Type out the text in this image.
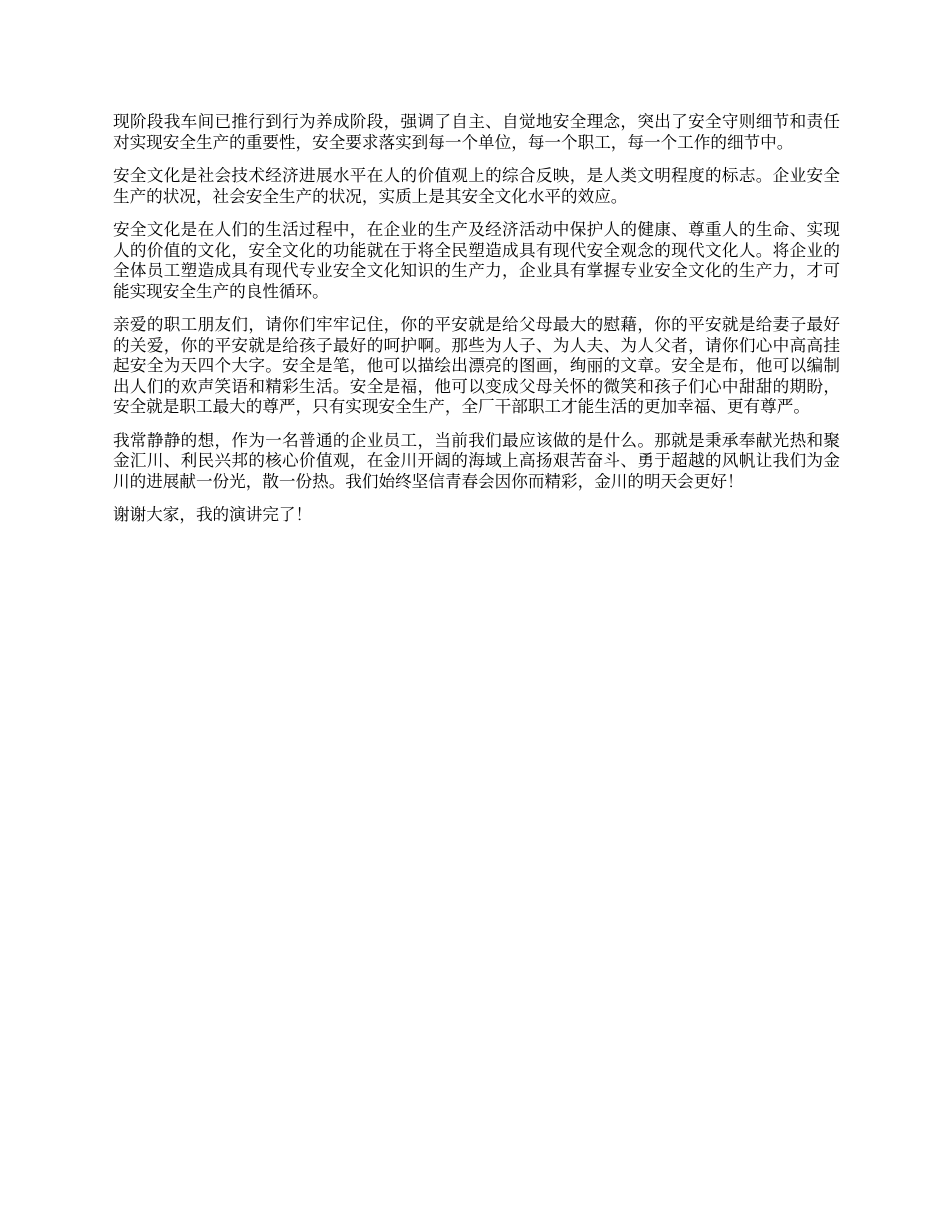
现阶段我车间已推行到行为养成阶段，强调了自主、自觉地安全理念，突出了安全守则细节和责任对实现安全生产的重要性，安全要求落实到每一个单位，每一个职工，每一个工作的细节中。

安全文化是社会技术经济进展水平在人的价值观上的综合反映，是人类文明程度的标志。企业安全生产的状况，社会安全生产的状况，实质上是其安全文化水平的效应。

安全文化是在人们的生活过程中，在企业的生产及经济活动中保护人的健康、尊重人的生命、实现人的价值的文化，安全文化的功能就在于将全民塑造成具有现代安全观念的现代文化人。将企业的全体员工塑造成具有现代专业安全文化知识的生产力，企业具有掌握专业安全文化的生产力，才可能实现安全生产的良性循环。

亲爱的职工朋友们，请你们牢牢记住，你的平安就是给父母最大的慰藉，你的平安就是给妻子最好的关爱，你的平安就是给孩子最好的呵护啊。那些为人子、为人夫、为人父者，请你们心中高高挂起安全为天四个大字。安全是笔，他可以描绘出漂亮的图画，绚丽的文章。安全是布，他可以编制出人们的欢声笑语和精彩生活。安全是福，他可以变成父母关怀的微笑和孩子们心中甜甜的期盼，安全就是职工最大的尊严，只有实现安全生产，全厂干部职工才能生活的更加幸福、更有尊严。

我常静静的想，作为一名普通的企业员工，当前我们最应该做的是什么。那就是秉承奉献光热和聚金汇川、利民兴邦的核心价值观，在金川开阔的海域上高扬艰苦奋斗、勇于超越的风帆让我们为金川的进展献一份光，散一份热。我们始终坚信青春会因你而精彩，金川的明天会更好！

谢谢大家，我的演讲完了！
